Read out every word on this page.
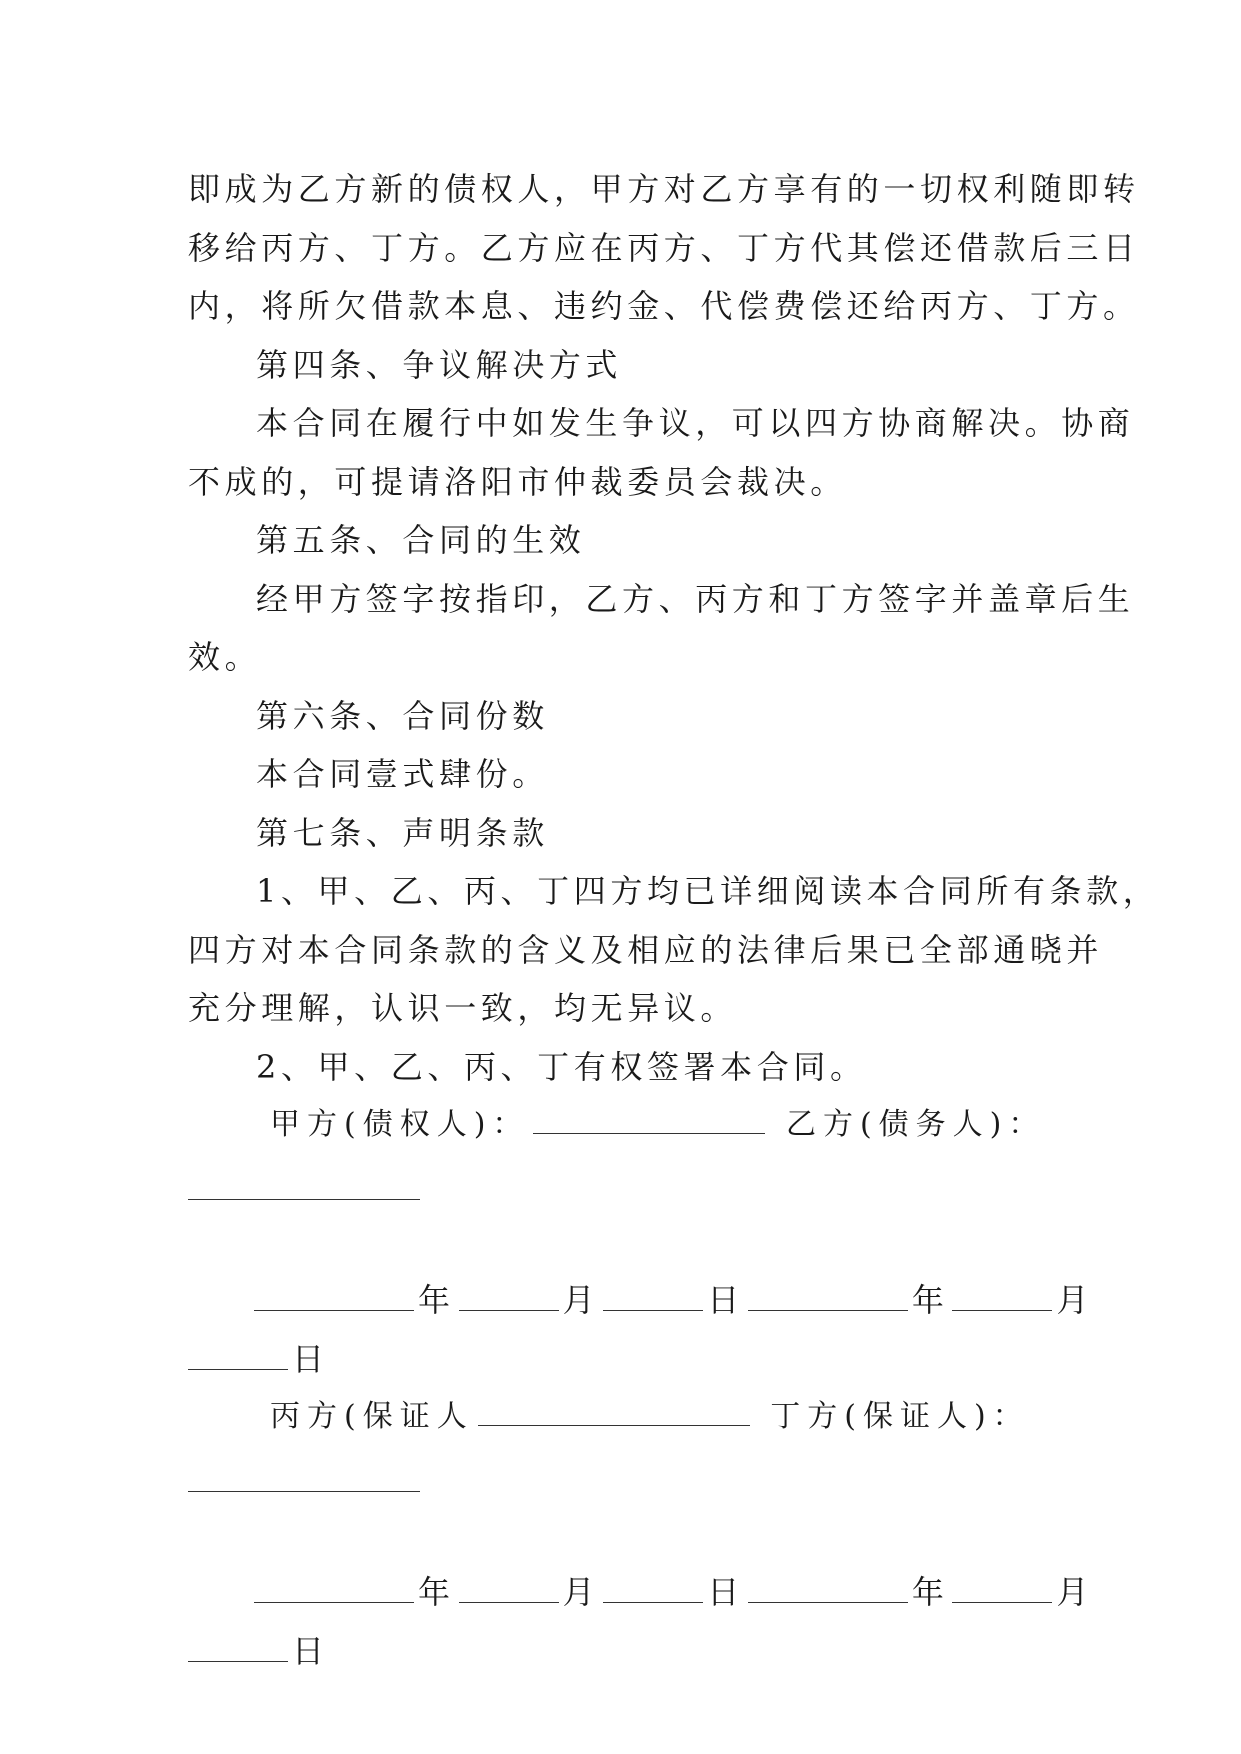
即成为乙方新的债权人，甲方对乙方享有的一切权利随即转
移给丙方、丁方。乙方应在丙方、丁方代其偿还借款后三日
内，将所欠借款本息、违约金、代偿费偿还给丙方、丁方。
第四条、争议解决方式
本合同在履行中如发生争议，可以四方协商解决。协商
不成的，可提请洛阳市仲裁委员会裁决。
第五条、合同的生效
经甲方签字按指印，乙方、丙方和丁方签字并盖章后生
效。
第六条、合同份数
本合同壹式肆份。
第七条、声明条款
1、甲、乙、丙、丁四方均已详细阅读本合同所有条款，
四方对本合同条款的含义及相应的法律后果已全部通晓并
充分理解，认识一致，均无异议。
2、甲、乙、丙、丁有权签署本合同。
甲方(债权人)：	乙方(债务人)：
年	月	日	年	月
日
丙方(保证人	丁方(保证人)：
年	月	日	年	月
日
